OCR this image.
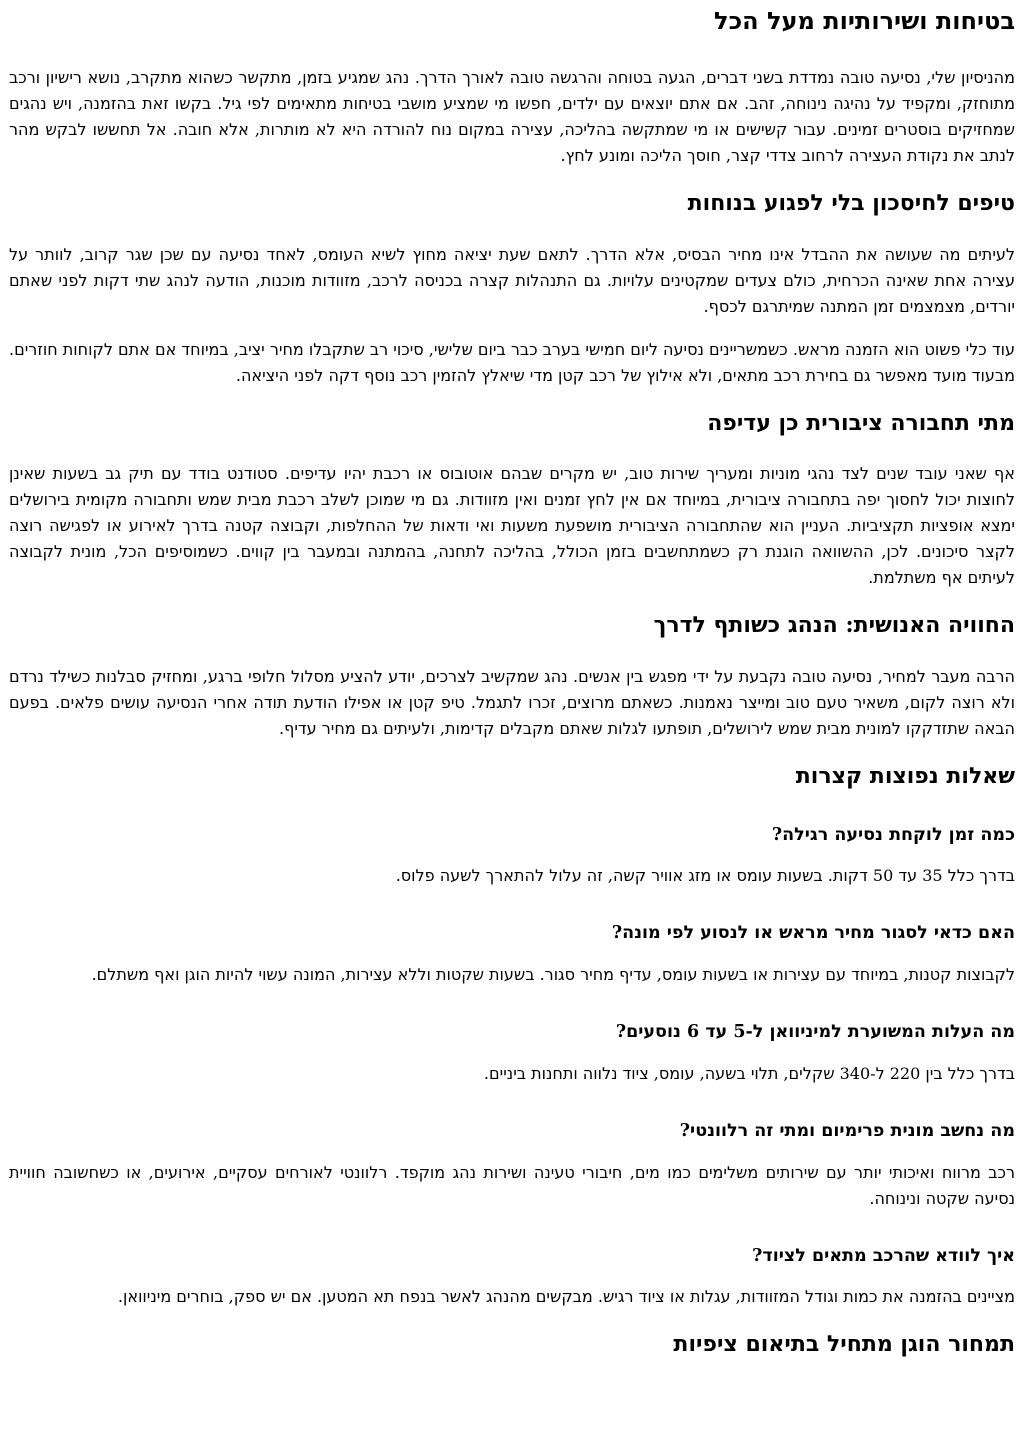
בטיחות ושירותיות מעל הכל

מהניסיון שלי, נסיעה טובה נמדדת בשני דברים, הגעה בטוחה והרגשה טובה לאורך הדרך. נהג שמגיע בזמן, מתקשר כשהוא מתקרב, נושא רישיון ורכב מתוחזק, ומקפיד על נהיגה נינוחה, זהב. אם אתם יוצאים עם ילדים, חפשו מי שמציע מושבי בטיחות מתאימים לפי גיל. בקשו זאת בהזמנה, ויש נהגים שמחזיקים בוסטרים זמינים. עבור קשישים או מי שמתקשה בהליכה, עצירה במקום נוח להורדה היא לא מותרות, אלא חובה. אל תחששו לבקש מהר לנתב את נקודת העצירה לרחוב צדדי קצר, חוסך הליכה ומונע לחץ.

טיפים לחיסכון בלי לפגוע בנוחות

לעיתים מה שעושה את ההבדל אינו מחיר הבסיס, אלא הדרך. לתאם שעת יציאה מחוץ לשיא העומס, לאחד נסיעה עם שכן שגר קרוב, לוותר על עצירה אחת שאינה הכרחית, כולם צעדים שמקטינים עלויות. גם התנהלות קצרה בכניסה לרכב, מזוודות מוכנות, הודעה לנהג שתי דקות לפני שאתם יורדים, מצמצמים זמן המתנה שמיתרגם לכסף.

עוד כלי פשוט הוא הזמנה מראש. כשמשריינים נסיעה ליום חמישי בערב כבר ביום שלישי, סיכוי רב שתקבלו מחיר יציב, במיוחד אם אתם לקוחות חוזרים. מבעוד מועד מאפשר גם בחירת רכב מתאים, ולא אילוץ של רכב קטן מדי שיאלץ להזמין רכב נוסף דקה לפני היציאה.

מתי תחבורה ציבורית כן עדיפה

אף שאני עובד שנים לצד נהגי מוניות ומעריך שירות טוב, יש מקרים שבהם אוטובוס או רכבת יהיו עדיפים. סטודנט בודד עם תיק גב בשעות שאינן לחוצות יכול לחסוך יפה בתחבורה ציבורית, במיוחד אם אין לחץ זמנים ואין מזוודות. גם מי שמוכן לשלב רכבת מבית שמש ותחבורה מקומית בירושלים ימצא אופציות תקציביות. העניין הוא שהתחבורה הציבורית מושפעת משעות ואי ודאות של ההחלפות, וקבוצה קטנה בדרך לאירוע או לפגישה רוצה לקצר סיכונים. לכן, ההשוואה הוגנת רק כשמתחשבים בזמן הכולל, בהליכה לתחנה, בהמתנה ובמעבר בין קווים. כשמוסיפים הכל, מונית לקבוצה לעיתים אף משתלמת.

החוויה האנושית: הנהג כשותף לדרך

הרבה מעבר למחיר, נסיעה טובה נקבעת על ידי מפגש בין אנשים. נהג שמקשיב לצרכים, יודע להציע מסלול חלופי ברגע, ומחזיק סבלנות כשילד נרדם ולא רוצה לקום, משאיר טעם טוב ומייצר נאמנות. כשאתם מרוצים, זכרו לתגמל. טיפ קטן או אפילו הודעת תודה אחרי הנסיעה עושים פלאים. בפעם הבאה שתזדקקו למונית מבית שמש לירושלים, תופתעו לגלות שאתם מקבלים קדימות, ולעיתים גם מחיר עדיף.

שאלות נפוצות קצרות
כמה זמן לוקחת נסיעה רגילה?

בדרך כלל 35 עד 50 דקות. בשעות עומס או מזג אוויר קשה, זה עלול להתארך לשעה פלוס.

האם כדאי לסגור מחיר מראש או לנסוע לפי מונה?

לקבוצות קטנות, במיוחד עם עצירות או בשעות עומס, עדיף מחיר סגור. בשעות שקטות וללא עצירות, המונה עשוי להיות הוגן ואף משתלם.

מה העלות המשוערת למיניוואן ל-5 עד 6 נוסעים?

בדרך כלל בין 220 ל-340 שקלים, תלוי בשעה, עומס, ציוד נלווה ותחנות ביניים.

מה נחשב מונית פרימיום ומתי זה רלוונטי?

רכב מרווח ואיכותי יותר עם שירותים משלימים כמו מים, חיבורי טעינה ושירות נהג מוקפד. רלוונטי לאורחים עסקיים, אירועים, או כשחשובה חוויית נסיעה שקטה ונינוחה.

איך לוודא שהרכב מתאים לציוד?

מציינים בהזמנה את כמות וגודל המזוודות, עגלות או ציוד רגיש. מבקשים מהנהג לאשר בנפח תא המטען. אם יש ספק, בוחרים מיניוואן.

תמחור הוגן מתחיל בתיאום ציפיות
